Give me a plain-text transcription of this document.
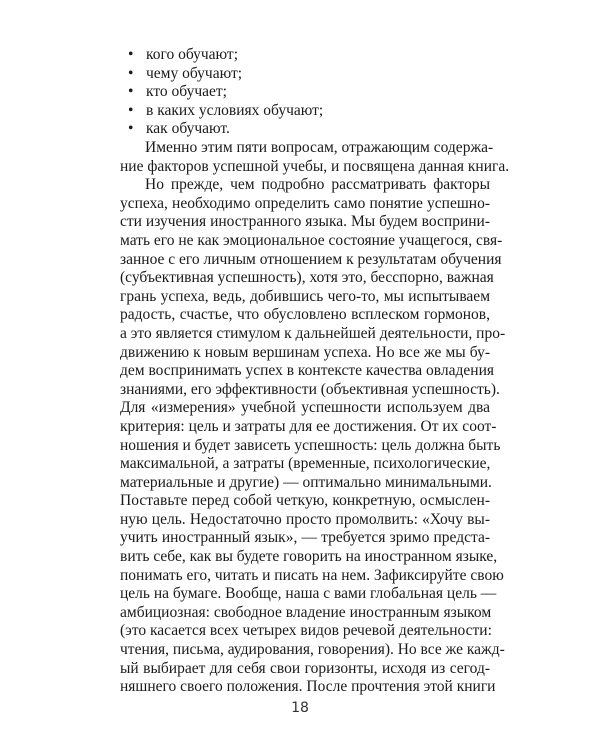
• кого обучают;
• чему обучают;
• кто обучает;
• в каких условиях обучают;
• как обучают.
Именно этим пяти вопросам, отражающим содержа-
ние факторов успешной учебы, и посвящена данная книга.
Но прежде, чем подробно рассматривать факторы
успеха, необходимо определить само понятие успешно-
сти изучения иностранного языка. Мы будем восприни-
мать его не как эмоциональное состояние учащегося, свя-
занное с его личным отношением к результатам обучения
(субъективная успешность), хотя это, бесспорно, важная
грань успеха, ведь, добившись чего-то, мы испытываем
радость, счастье, что обусловлено всплеском гормонов,
а это является стимулом к дальнейшей деятельности, про-
движению к новым вершинам успеха. Но все же мы бу-
дем воспринимать успех в контексте качества овладения
знаниями, его эффективности (объективная успешность).
Для «измерения» учебной успешности используем два
критерия: цель и затраты для ее достижения. От их соот-
ношения и будет зависеть успешность: цель должна быть
максимальной, а затраты (временные, психологические,
материальные и другие) — оптимально минимальными.
Поставьте перед собой четкую, конкретную, осмыслен-
ную цель. Недостаточно просто промолвить: «Хочу вы-
учить иностранный язык», — требуется зримо предста-
вить себе, как вы будете говорить на иностранном языке,
понимать его, читать и писать на нем. Зафиксируйте свою
цель на бумаге. Вообще, наша с вами глобальная цель —
амбициозная: свободное владение иностранным языком
(это касается всех четырех видов речевой деятельности:
чтения, письма, аудирования, говорения). Но все же кажд-
ый выбирает для себя свои горизонты, исходя из сегод-
няшнего своего положения. После прочтения этой книги
18
